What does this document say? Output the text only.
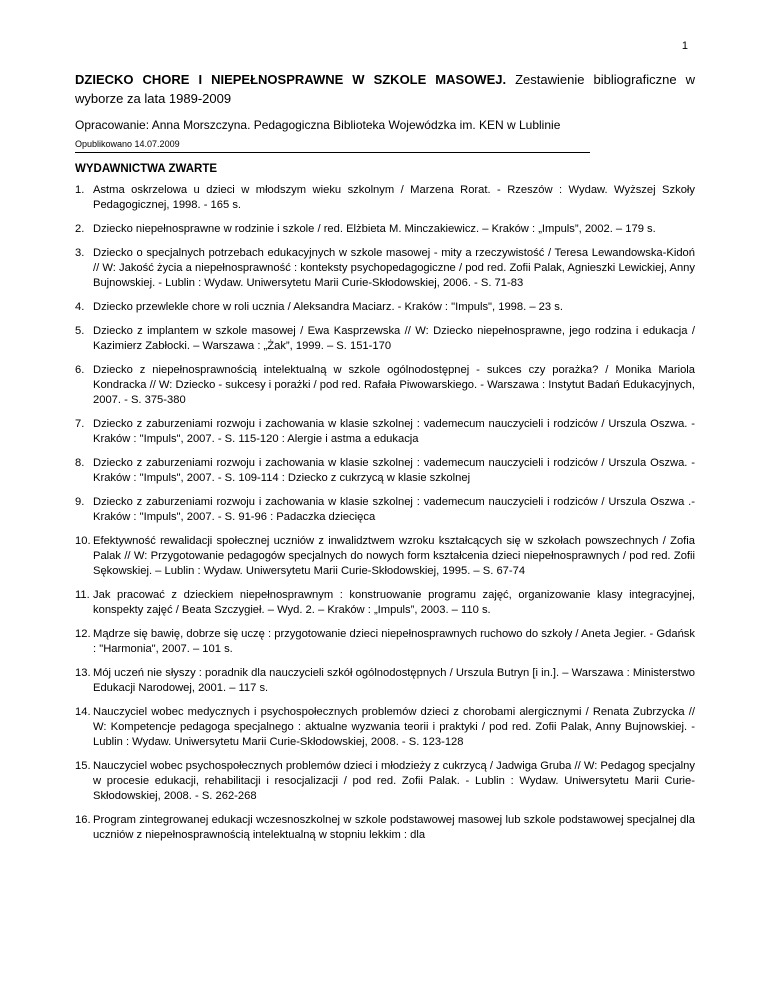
1

DZIECKO CHORE I NIEPEŁNOSPRAWNE W SZKOLE MASOWEJ. Zestawienie bibliograficzne w wyborze za lata 1989-2009

Opracowanie: Anna Morszczyna. Pedagogiczna Biblioteka Wojewódzka im. KEN w Lublinie

Opublikowano 14.07.2009

WYDAWNICTWA ZWARTE
1. Astma oskrzelowa u dzieci w młodszym wieku szkolnym / Marzena Rorat. - Rzeszów : Wydaw. Wyższej Szkoły Pedagogicznej, 1998. - 165 s.
2. Dziecko niepełnosprawne w rodzinie i szkole / red. Elżbieta M. Minczakiewicz. – Kraków : „Impuls”, 2002. – 179 s.
3. Dziecko o specjalnych potrzebach edukacyjnych w szkole masowej - mity a rzeczywistość / Teresa Lewandowska-Kidoń // W: Jakość życia a niepełnosprawność : konteksty psychopedagogiczne / pod red. Zofii Palak, Agnieszki Lewickiej, Anny Bujnowskiej. - Lublin : Wydaw. Uniwersytetu Marii Curie-Skłodowskiej, 2006. - S. 71-83
4. Dziecko przewlekle chore w roli ucznia / Aleksandra Maciarz. - Kraków : "Impuls", 1998. – 23 s.
5. Dziecko z implantem w szkole masowej / Ewa Kasprzewska // W: Dziecko niepełnosprawne, jego rodzina i edukacja / Kazimierz Zabłocki. – Warszawa : „Żak”, 1999. – S. 151-170
6. Dziecko z niepełnosprawnością intelektualną w szkole ogólnodostępnej - sukces czy porażka? / Monika Mariola Kondracka // W: Dziecko - sukcesy i porażki / pod red. Rafała Piwowarskiego. - Warszawa : Instytut Badań Edukacyjnych, 2007. - S. 375-380
7. Dziecko z zaburzeniami rozwoju i zachowania w klasie szkolnej : vademecum nauczycieli i rodziców / Urszula Oszwa. - Kraków : "Impuls", 2007. - S. 115-120 : Alergie i astma a edukacja
8. Dziecko z zaburzeniami rozwoju i zachowania w klasie szkolnej : vademecum nauczycieli i rodziców / Urszula Oszwa. - Kraków : "Impuls", 2007. - S. 109-114 : Dziecko z cukrzycą w klasie szkolnej
9. Dziecko z zaburzeniami rozwoju i zachowania w klasie szkolnej : vademecum nauczycieli i rodziców / Urszula Oszwa .- Kraków : "Impuls", 2007. - S. 91-96 : Padaczka dziecięca
10. Efektywność rewalidacji społecznej uczniów z inwalidztwem wzroku kształcących się w szkołach powszechnych / Zofia Palak // W: Przygotowanie pedagogów specjalnych do nowych form kształcenia dzieci niepełnosprawnych / pod red. Zofii Sękowskiej. – Lublin : Wydaw. Uniwersytetu Marii Curie-Skłodowskiej, 1995. – S. 67-74
11. Jak pracować z dzieckiem niepełnosprawnym : konstruowanie programu zajęć, organizowanie klasy integracyjnej, konspekty zajęć / Beata Szczygieł. – Wyd. 2. – Kraków : „Impuls”, 2003. – 110 s.
12. Mądrze się bawię, dobrze się uczę : przygotowanie dzieci niepełnosprawnych ruchowo do szkoły / Aneta Jegier. - Gdańsk : "Harmonia", 2007. – 101 s.
13. Mój uczeń nie słyszy : poradnik dla nauczycieli szkół ogólnodostępnych / Urszula Butryn [i in.]. – Warszawa : Ministerstwo Edukacji Narodowej, 2001. – 117 s.
14. Nauczyciel wobec medycznych i psychospołecznych problemów dzieci z chorobami alergicznymi / Renata Zubrzycka // W: Kompetencje pedagoga specjalnego : aktualne wyzwania teorii i praktyki / pod red. Zofii Palak, Anny Bujnowskiej. - Lublin : Wydaw. Uniwersytetu Marii Curie-Skłodowskiej, 2008. - S. 123-128
15. Nauczyciel wobec psychospołecznych problemów dzieci i młodzieży z cukrzycą / Jadwiga Gruba // W: Pedagog specjalny w procesie edukacji, rehabilitacji i resocjalizacji / pod red. Zofii Palak. - Lublin : Wydaw. Uniwersytetu Marii Curie-Skłodowskiej, 2008. - S. 262-268
16. Program zintegrowanej edukacji wczesnoszkolnej w szkole podstawowej masowej lub szkole podstawowej specjalnej dla uczniów z niepełnosprawnością intelektualną w stopniu lekkim : dla
